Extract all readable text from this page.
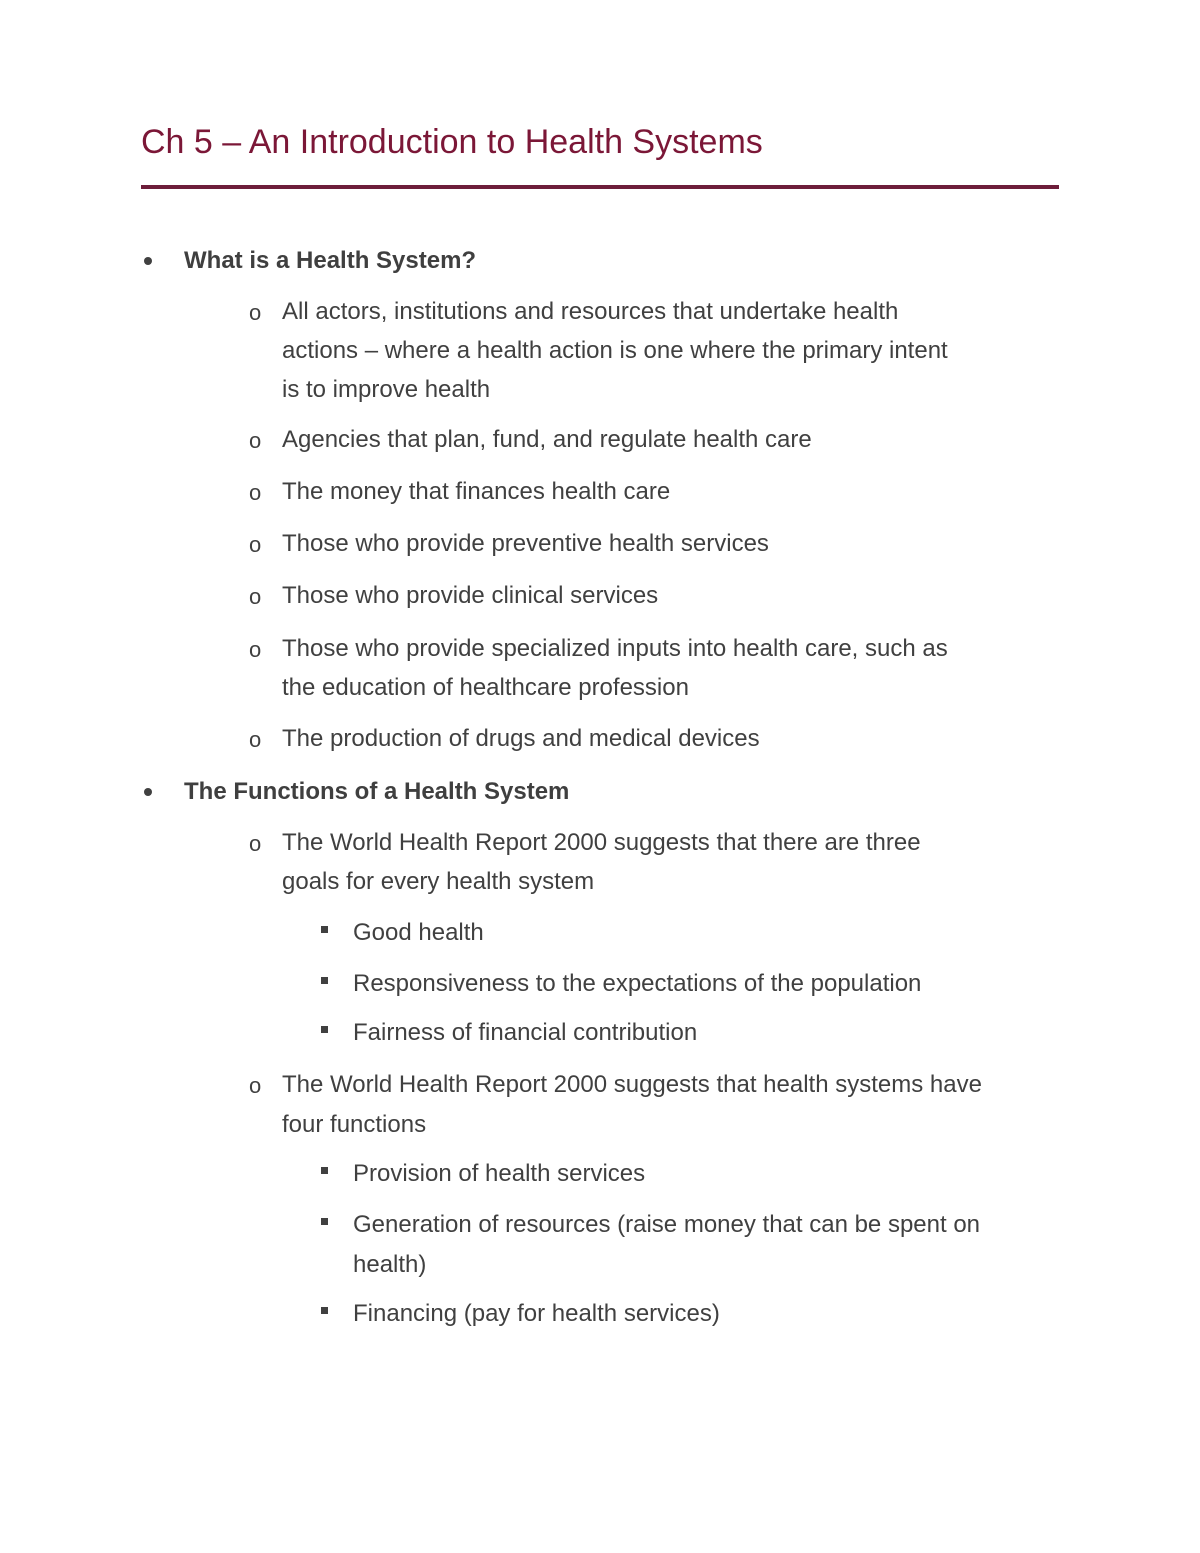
Ch 5 – An Introduction to Health Systems
What is a Health System?
o All actors, institutions and resources that undertake health
actions – where a health action is one where the primary intent
is to improve health
o Agencies that plan, fund, and regulate health care
o The money that finances health care
o Those who provide preventive health services
o Those who provide clinical services
o Those who provide specialized inputs into health care, such as
the education of healthcare profession
o The production of drugs and medical devices
The Functions of a Health System
o The World Health Report 2000 suggests that there are three
goals for every health system
Good health
Responsiveness to the expectations of the population
Fairness of financial contribution
o The World Health Report 2000 suggests that health systems have
four functions
Provision of health services
Generation of resources (raise money that can be spent on
health)
Financing (pay for health services)
